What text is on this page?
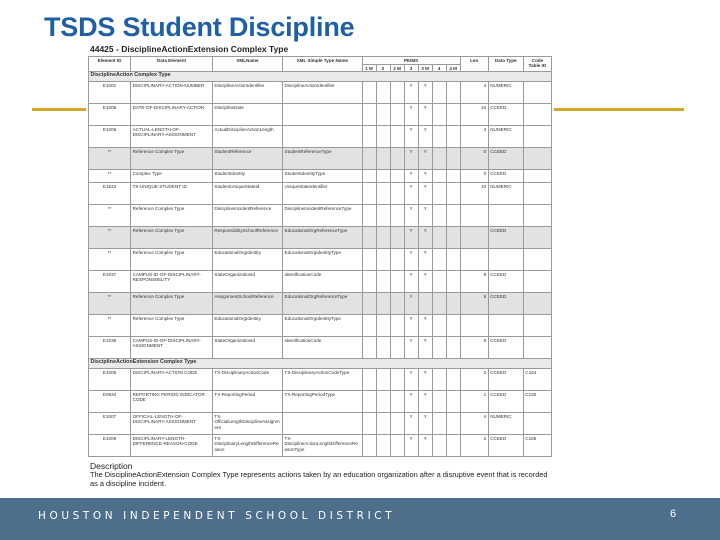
TSDS Student Discipline
44425 - DisciplineActionExtension Complex Type
Element ID	Data Element	XMLName	XML Simple Type Name	PEIMS							Len	Data Type	Code Table ID
				1 M	2	2 M	3	3 M	4	4 M			
DisciplineAction Complex Type													
E1001	DISCIPLINARY-ACTION-NUMBER	DisciplineActionIdentifier	DisciplineActionIdentifier				Y	Y			4	NUMERIC	
E1005	DATE-OF-DISCIPLINARY-ACTION	DisciplineDate					Y	Y			10	CCEED	
E1006	ACTUAL-LENGTH-OF-DISCIPLINARY-ASSIGNMENT	ActualDisciplineActionLength					Y	Y			4	NUMERIC	
**	Reference Complex Type	StudentReference	StudentReferenceType				Y	Y			0	CCEED	
**	Complex Type	StudentIdentity	StudentIdentityType				Y	Y			0	CCEED	
E1523	TX-UNIQUE-STUDENT ID	StudentUniqueStateId	UniqueStateIdentifier				Y	Y			10	NUMERIC	
**	Reference Complex Type	DisciplineIncidentReference	DisciplineIncidentReferenceType				Y	Y					
**	Reference Complex Type	ResponsibilitySchoolReference	EducationalOrgReferenceType				Y	Y				CCEED	
**	Reference Complex Type	EducationalOrgIdentity	EducationalOrgIdentityType				Y	Y					
E1037	CAMPUS-ID-OF-DISCIPLINARY-RESPONSIBILITY	StateOrganizationId	IdentificationCode				Y	Y			9	CCEED	
**	Reference Complex Type	AssignmentSchoolReference	EducationalOrgReferenceType				Y				5	CCEED	
**	Reference Complex Type	EducationalOrgIdentity	EducationalOrgIdentityType				Y	Y					
E1036	CAMPUS-ID-OF-DISCIPLINARY-ASSIGNMENT	StateOrganizationId	IdentificationCode				Y	Y			9	CCEED	
DisciplineActionExtension Complex Type													
E1005	DISCIPLINARY-ACTION CODE	TX-DisciplinaryActionCode	TX-DisciplinaryActionCodeType				Y	Y			2	CCEED	C164
E0934	REPORTING PERIOD INDICATOR CODE	TX-ReportingPeriod	TX-ReportingPeriodType				Y	Y			1	CCEED	C130
E1007	OFFICIAL-LENGTH-OF-DISCIPLINARY-ASSIGNMENT	TX-OfficialLengthDisciplineAssignment					Y	Y			4	NUMERIC	
E1009	DISCIPLINARY-LENGTH-DIFFERENCE-REASON-CODE	TX-DisciplinaryLengthDifferenceReason	TX-DisciplineActionLengthDifferenceReasonType				Y	Y			2	CCEED	C165
Description
The DisciplineActionExtension Complex Type represents actions taken by an education organization after a disruptive event that is recorded as a discipline incident.
HOUSTON INDEPENDENT SCHOOL DISTRICT	6
